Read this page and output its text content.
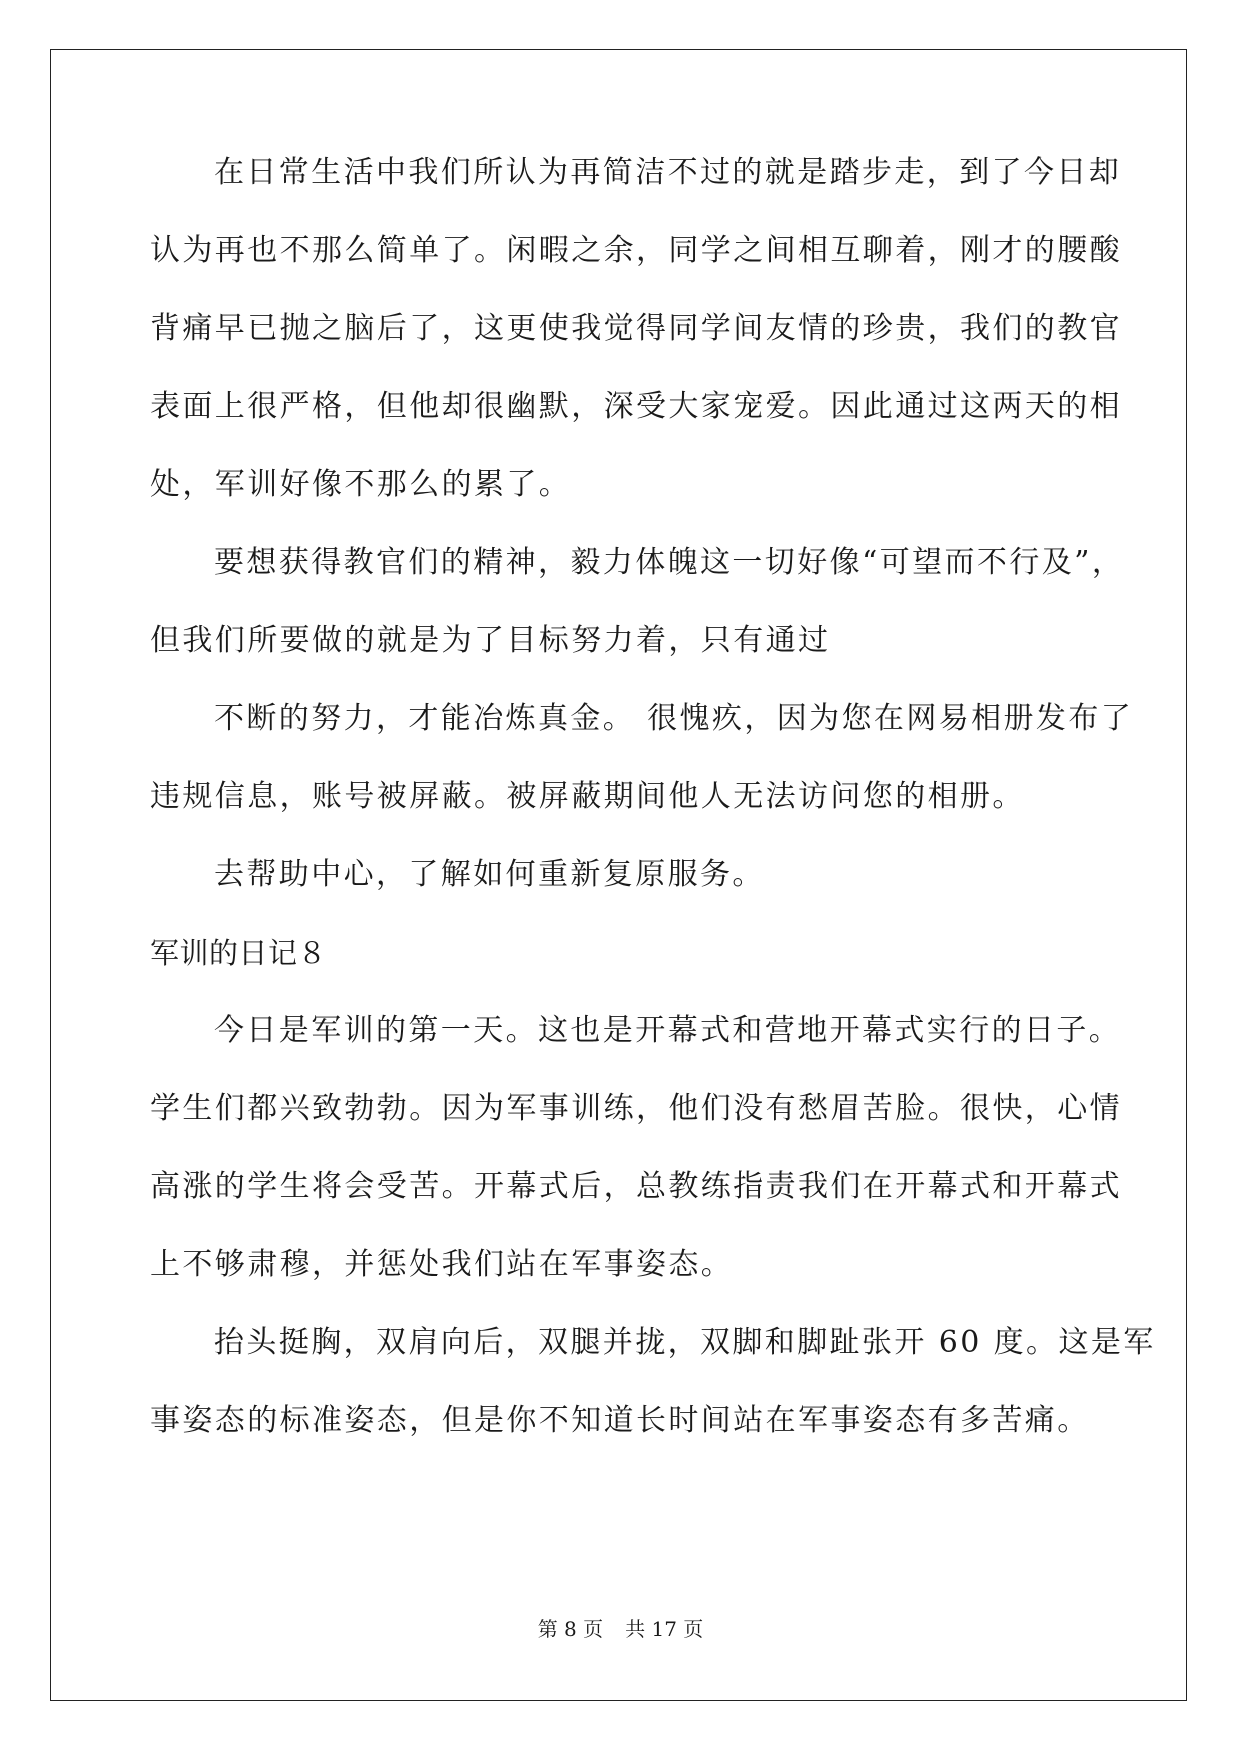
在日常生活中我们所认为再简洁不过的就是踏步走，到了今日却
认为再也不那么简单了。闲暇之余，同学之间相互聊着，刚才的腰酸
背痛早已抛之脑后了，这更使我觉得同学间友情的珍贵，我们的教官
表面上很严格，但他却很幽默，深受大家宠爱。因此通过这两天的相
处，军训好像不那么的累了。
要想获得教官们的精神，毅力体魄这一切好像“可望而不行及”，
但我们所要做的就是为了目标努力着，只有通过
不断的努力，才能冶炼真金。 很愧疚，因为您在网易相册发布了
违规信息，账号被屏蔽。被屏蔽期间他人无法访问您的相册。
去帮助中心，了解如何重新复原服务。
军训的日记８
今日是军训的第一天。这也是开幕式和营地开幕式实行的日子。
学生们都兴致勃勃。因为军事训练，他们没有愁眉苦脸。很快，心情
高涨的学生将会受苦。开幕式后，总教练指责我们在开幕式和开幕式
上不够肃穆，并惩处我们站在军事姿态。
抬头挺胸，双肩向后，双腿并拢，双脚和脚趾张开 60 度。这是军
事姿态的标准姿态，但是你不知道长时间站在军事姿态有多苦痛。
第 8 页 共 17 页
